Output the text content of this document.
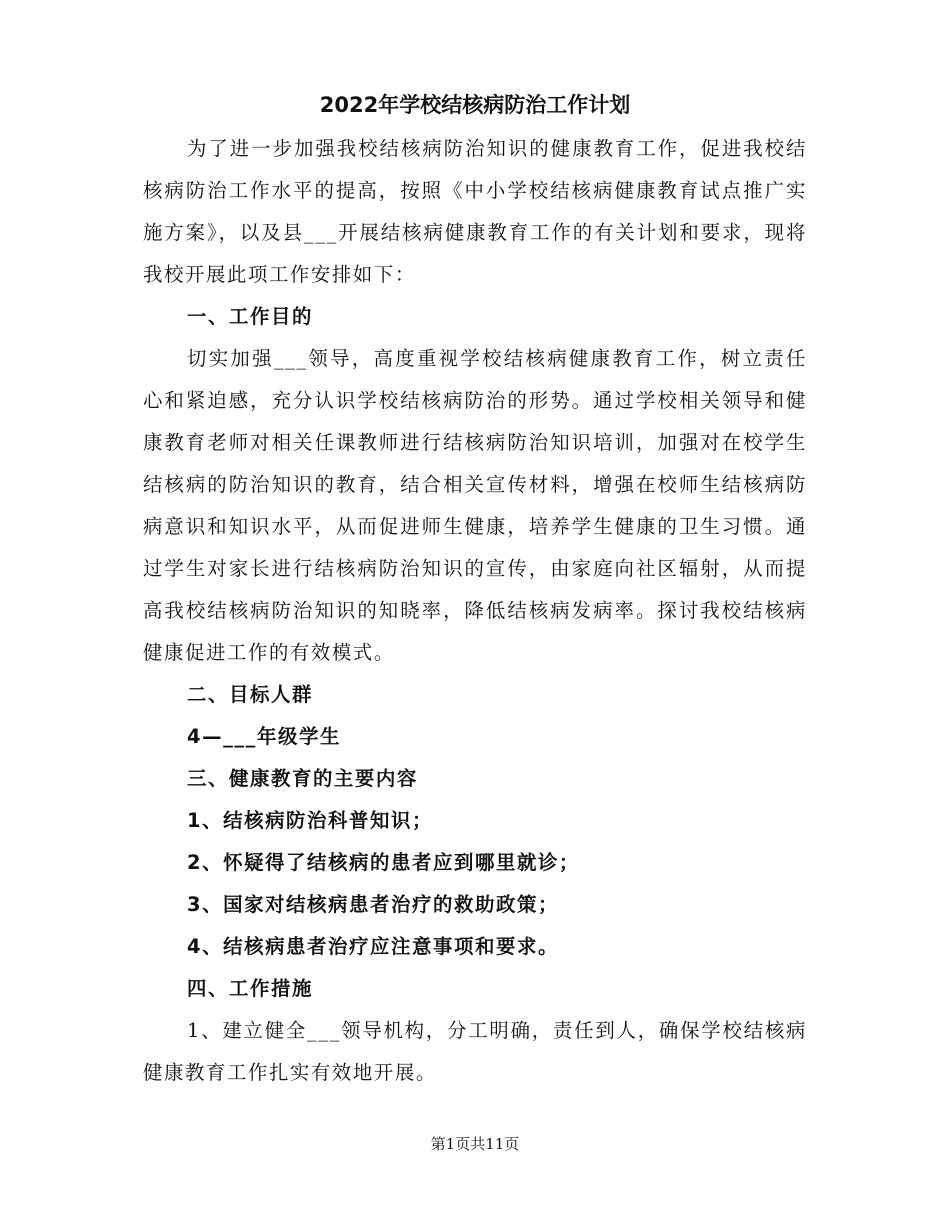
2022年学校结核病防治工作计划

为了进一步加强我校结核病防治知识的健康教育工作，促进我校结核病防治工作水平的提高，按照《中小学校结核病健康教育试点推广实施方案》，以及县___开展结核病健康教育工作的有关计划和要求，现将我校开展此项工作安排如下：

一、工作目的

切实加强___领导，高度重视学校结核病健康教育工作，树立责任心和紧迫感，充分认识学校结核病防治的形势。通过学校相关领导和健康教育老师对相关任课教师进行结核病防治知识培训，加强对在校学生结核病的防治知识的教育，结合相关宣传材料，增强在校师生结核病防病意识和知识水平，从而促进师生健康，培养学生健康的卫生习惯。通过学生对家长进行结核病防治知识的宣传，由家庭向社区辐射，从而提高我校结核病防治知识的知晓率，降低结核病发病率。探讨我校结核病健康促进工作的有效模式。

二、目标人群

4—___年级学生

三、健康教育的主要内容

1、结核病防治科普知识；

2、怀疑得了结核病的患者应到哪里就诊；

3、国家对结核病患者治疗的救助政策；

4、结核病患者治疗应注意事项和要求。

四、工作措施

1、建立健全___领导机构，分工明确，责任到人，确保学校结核病健康教育工作扎实有效地开展。

第1页共11页
